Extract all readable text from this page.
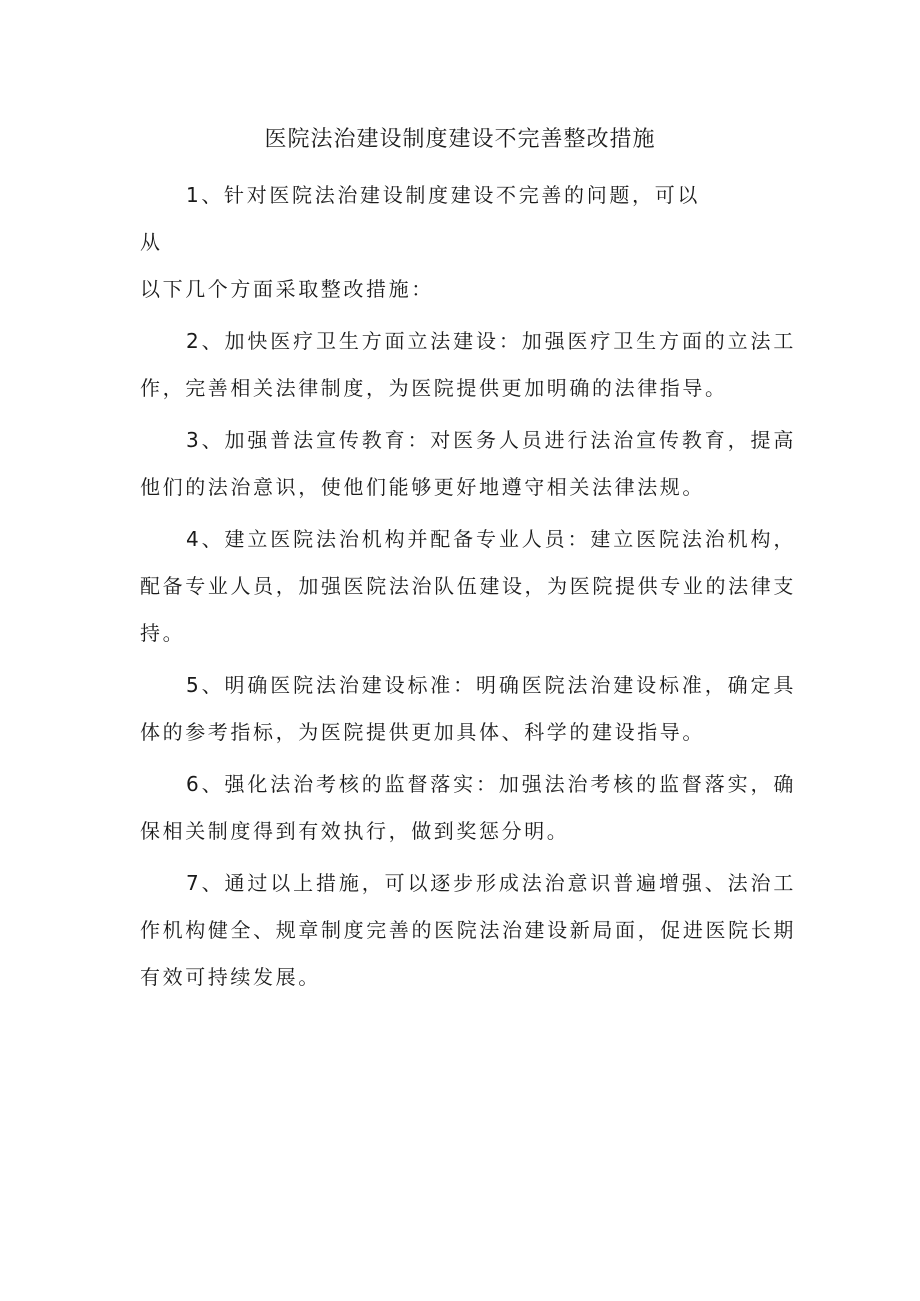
医院法治建设制度建设不完善整改措施

1、针对医院法治建设制度建设不完善的问题，可以从

以下几个方面采取整改措施：

2、加快医疗卫生方面立法建设：加强医疗卫生方面的立法工作，完善相关法律制度，为医院提供更加明确的法律指导。

3、加强普法宣传教育：对医务人员进行法治宣传教育，提高他们的法治意识，使他们能够更好地遵守相关法律法规。

4、建立医院法治机构并配备专业人员：建立医院法治机构，配备专业人员，加强医院法治队伍建设，为医院提供专业的法律支持。

5、明确医院法治建设标准：明确医院法治建设标准，确定具体的参考指标，为医院提供更加具体、科学的建设指导。

6、强化法治考核的监督落实：加强法治考核的监督落实，确保相关制度得到有效执行，做到奖惩分明。

7、通过以上措施，可以逐步形成法治意识普遍增强、法治工作机构健全、规章制度完善的医院法治建设新局面，促进医院长期有效可持续发展。
